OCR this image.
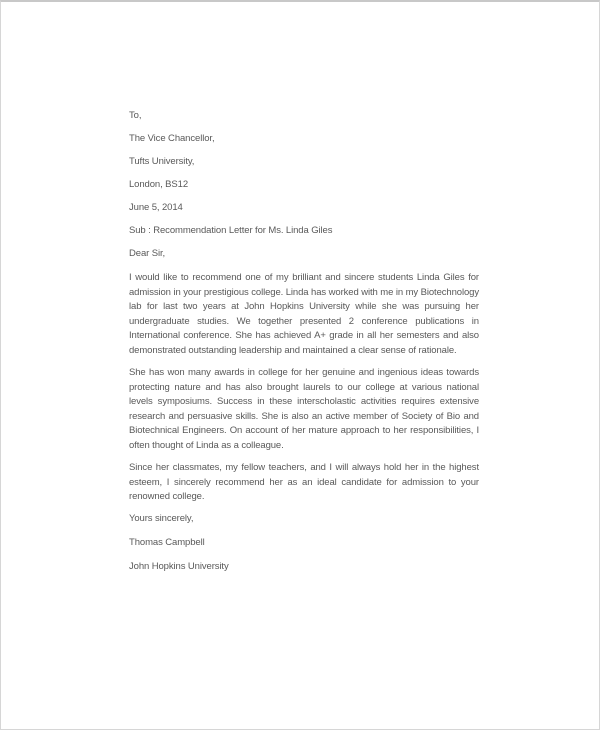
To,

The Vice Chancellor,

Tufts University,

London, BS12

June 5, 2014

Sub : Recommendation Letter for Ms. Linda Giles

Dear Sir,

I would like to recommend one of my brilliant and sincere students Linda Giles for admission in your prestigious college. Linda has worked with me in my Biotechnology lab for last two years at John Hopkins University while she was pursuing her undergraduate studies. We together presented 2 conference publications in International conference. She has achieved A+ grade in all her semesters and also demonstrated outstanding leadership and maintained a clear sense of rationale.

She has won many awards in college for her genuine and ingenious ideas towards protecting nature and has also brought laurels to our college at various national levels symposiums. Success in these interscholastic activities requires extensive research and persuasive skills. She is also an active member of Society of Bio and Biotechnical Engineers. On account of her mature approach to her responsibilities, I often thought of Linda as a colleague.

Since her classmates, my fellow teachers, and I will always hold her in the highest esteem, I sincerely recommend her as an ideal candidate for admission to your renowned college.

Yours sincerely,

Thomas Campbell

John Hopkins University
